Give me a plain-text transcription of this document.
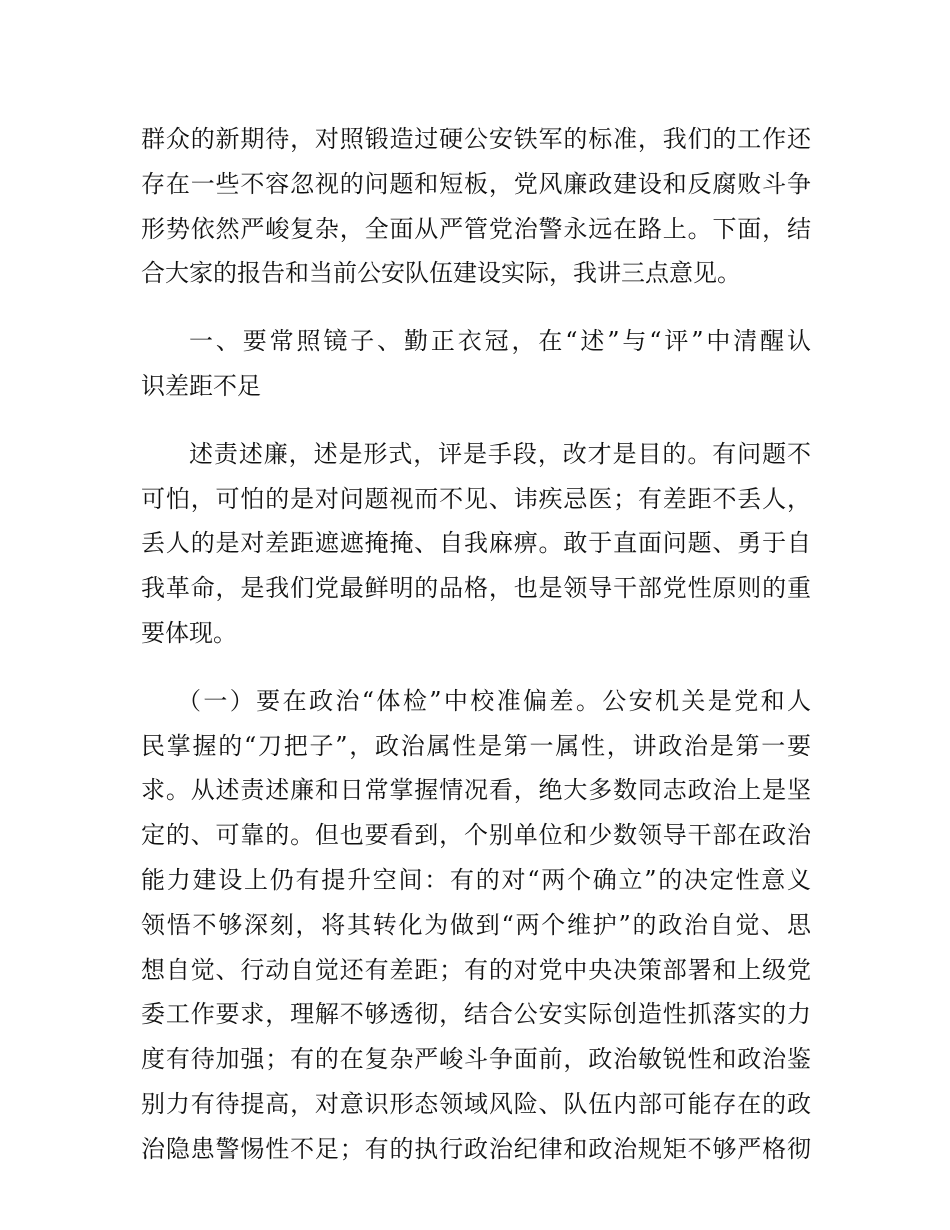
群众的新期待，对照锻造过硬公安铁军的标准，我们的工作还
存在一些不容忽视的问题和短板，党风廉政建设和反腐败斗争
形势依然严峻复杂，全面从严管党治警永远在路上。下面，结
合大家的报告和当前公安队伍建设实际，我讲三点意见。
一、要常照镜子、勤正衣冠，在“述”与“评”中清醒认
识差距不足
述责述廉，述是形式，评是手段，改才是目的。有问题不
可怕，可怕的是对问题视而不见、讳疾忌医；有差距不丢人，
丢人的是对差距遮遮掩掩、自我麻痹。敢于直面问题、勇于自
我革命，是我们党最鲜明的品格，也是领导干部党性原则的重
要体现。
（一）要在政治“体检”中校准偏差。公安机关是党和人
民掌握的“刀把子”，政治属性是第一属性，讲政治是第一要
求。从述责述廉和日常掌握情况看，绝大多数同志政治上是坚
定的、可靠的。但也要看到，个别单位和少数领导干部在政治
能力建设上仍有提升空间：有的对“两个确立”的决定性意义
领悟不够深刻，将其转化为做到“两个维护”的政治自觉、思
想自觉、行动自觉还有差距；有的对党中央决策部署和上级党
委工作要求，理解不够透彻，结合公安实际创造性抓落实的力
度有待加强；有的在复杂严峻斗争面前，政治敏锐性和政治鉴
别力有待提高，对意识形态领域风险、队伍内部可能存在的政
治隐患警惕性不足；有的执行政治纪律和政治规矩不够严格彻
